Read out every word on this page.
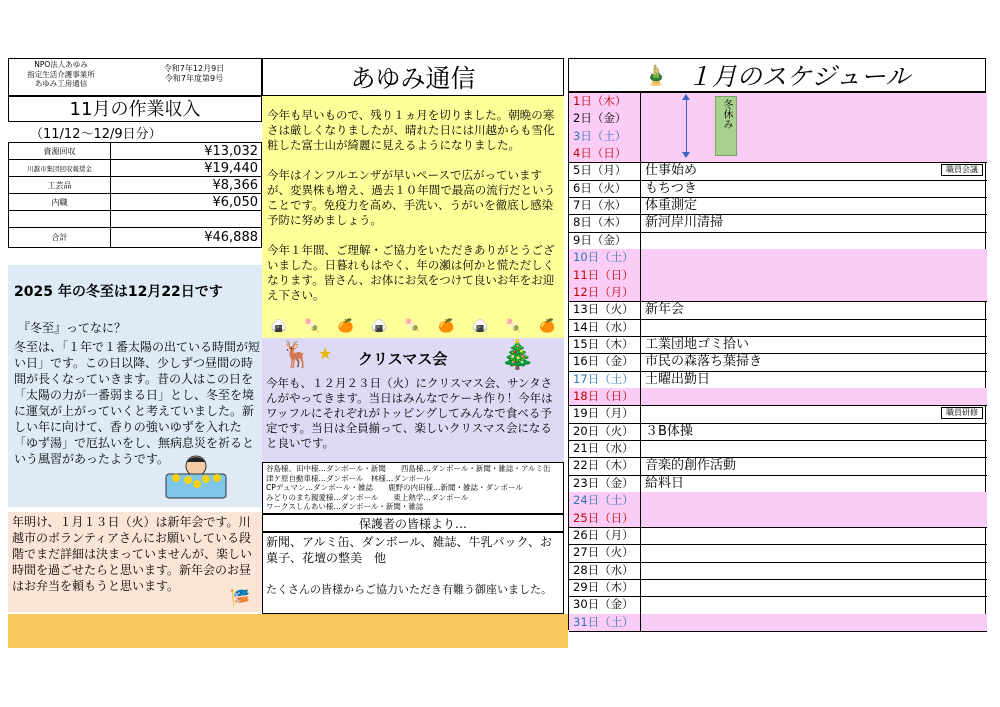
NPO法人あゆみ
指定生活介護事業所
あゆみ工房通信
令和7年12月9日
令和7年度第9号	あゆみ通信	🎍 １月のスケジュール
11月の作業収入
（11/12〜12/9日分）
資源回収	¥13,032
川越市集団回収報奨金	¥19,440
工芸品	¥8,366
内職	¥6,050

合計	¥46,888
2025 年の冬至は12月22日です
『冬至』ってなに？
冬至は、「１年で１番太陽の出ている時間が短い日」です。この日以降、少しずつ昼間の時間が長くなっていきます。昔の人はこの日を「太陽の力が一番弱まる日」とし、冬至を境に運気が上がっていくと考えていました。新しい年に向けて、香りの強いゆずを入れた「ゆず湯」で厄払いをし、無病息災を祈るという風習があったようです。
年明け、１月１３日（火）は新年会です。川越市のボランティアさんにお願いしている段階でまだ詳細は決まっていませんが、楽しい時間を過ごせたらと思います。新年会のお昼はお弁当を頼もうと思います。
🎏

今年も早いもので、残り１ヵ月を切りました。朝晩の寒さは厳しくなりましたが、晴れた日には川越からも雪化粧した富士山が綺麗に見えるようになりました。

今年はインフルエンザが早いペースで広がっていますが、変異株も増え、過去１０年間で最高の流行だということです。免疫力を高め、手洗い、うがいを徹底し感染予防に努めましょう。

今年１年間、ご理解・ご協力をいただきありがとうございました。日暮れもはやく、年の瀬は何かと慌ただしくなります。皆さん、お体にお気をつけて良いお年をお迎え下さい。

🍙 🍡 🍊 🍙 🍡 🍊 🍙 🍡 🍊
🦌 ★ クリスマス会 🎄
今年も、１２月２３日（火）にクリスマス会、サンタさんがやってきます。当日はみんなでケーキ作り！今年はワッフルにそれぞれがトッピングしてみんなで食べる予定です。当日は全員揃って、楽しいクリスマス会になると良いです。
谷島様、田中様…ダンボール・新聞　　西島様…ダンボール・新聞・雑誌・アルミ缶　　津ケ原自動車様…ダンボール　林様…ダンボール
CPデュマン…ダンボール・雑誌　　鹿野の内田様…新聞・雑誌・ダンボール
みどりのまち親愛様…ダンボール　　東上熱学…ダンボール
ワークスしんあい様…ダンボール・新聞・雑誌
保護者の皆様より…
新聞、アルミ缶、ダンボール、雑誌、牛乳パック、お菓子、花壇の整美　他
たくさんの皆様からご協力いただき有難う御座いました。
1日（木）
2日（金）
3日（土）
4日（日）
5日（月）	仕事始め	職員会議
6日（火）	もちつき
7日（水）	体重測定
8日（木）	新河岸川清掃
9日（金）
10日（土）
11日（日）
12日（月）
13日（火） 新年会
14日（水）
15日（木） 工業団地ゴミ拾い
16日（金） 市民の森落ち葉掃き
17日（土） 土曜出勤日
18日（日）
19日（月）	職員研修
20日（火） ３B体操
21日（水）
22日（木） 音楽的創作活動
23日（金） 給料日
24日（土）
25日（日）
26日（月）
27日（火）
28日（水）
29日（木）
30日（金）
31日（土）
冬休み
